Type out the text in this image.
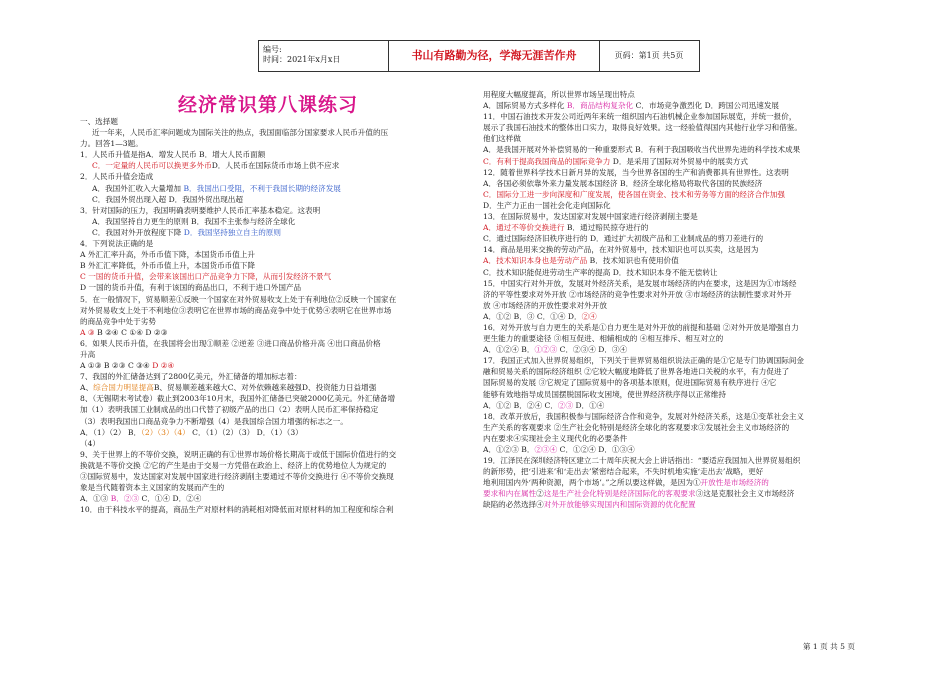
编号:
时间：2021年x月x日	书山有路勤为径，学海无涯苦作舟	页码：第1页 共5页
经济常识第八课练习

一、选择题

近一年来，人民币汇率问题成为国际关注的热点，我国面临部分国家要求人民币升值的压

力。回答1—3题。

1．人民币升值是指A．增发人民币 B．增大人民币面额

C．一定量的人民币可以换更多外币D．人民币在国际货币市场上供不应求

2．人民币升值会造成

A．我国外汇收入大量增加 B．我国出口受阻，不利于我国长期的经济发展

C．我国外贸出现入超 D．我国外贸出现出超

3．针对国际的压力，我国明确表明要维护人民币汇率基本稳定。这表明

A．我国坚持自力更生的原则 B．我国不主张参与经济全球化

C．我国对外开放程度下降 D．我国坚持独立自主的原则

4．下列说法正确的是

A 外汇汇率升高，外币币值下降，本国货币币值上升

B 外汇汇率降低，外币币值上升，本国货币币值下降

C 一国的货币升值，会带来该国出口产品竞争力下降，从而引发经济不景气

D 一国的货币升值，有利于该国的商品出口，不利于进口外国产品

5．在一般情况下，贸易顺差①反映一个国家在对外贸易收支上处于有利地位②反映一个国家在

对外贸易收支上处于不利地位③表明它在世界市场的商品竞争中处于优势④表明它在世界市场

的商品竞争中处于劣势

A ③ B ②④ C ①④ D ②③

6．如果人民币升值，在我国将会出现①顺差 ②逆差 ③进口商品价格升高 ④出口商品价格

升高

A ①③ B ②③ C ③④ D ②④

7、我国的外汇储备达到了2800亿美元，外汇储备的增加标志着：

A、综合国力明显提高B、贸易顺差越来越大C、对外依赖越来越强D、投资能力日益增强

8、（无锡期末考试卷）截止到2003年10月末，我国外汇储备已突破2000亿美元。外汇储备增

加（1）表明我国工业制成品的出口代替了初级产品的出口（2）表明人民币汇率保持稳定

（3）表明我国出口商品竞争力不断增强（4）是我国综合国力增强的标志之一。

A．（1）（2） B．（2）（3）（4） C．（1）（2）（3） D．（1）（3）

（4）

9、关于世界上的不等价交换，说明正确的有①世界市场价格长期高于或低于国际价值进行的交

换就是不等价交换 ②它的产生是由于交易一方凭借在政治上、经济上的优势地位人为规定的

③国际贸易中，发达国家对发展中国家进行经济剥削主要通过不等价交换进行 ④不等价交换现

象是当代随着资本主义国家的发展而产生的

A．①③ B．②③ C．①④ D．②④

10．由于科技水平的提高，商品生产对原材料的消耗相对降低而对原材料的加工程度和综合利

用程度大幅度提高，所以世界市场呈现出特点

A．国际贸易方式多样化 B．商品结构复杂化 C．市场竞争激烈化 D．跨国公司迅速发展

11．中国石油技术开发公司近两年来统一组织国内石油机械企业参加国际展览，并统一报价，

展示了我国石油技术的整体出口实力，取得良好效果。这一经验值得国内其他行业学习和借鉴。

他们这样做

A．是我国开展对外补偿贸易的一种重要形式 B．有利于我国吸收当代世界先进的科学技术成果

C．有利于提高我国商品的国际竞争力 D．是采用了国际对外贸易中的展卖方式

12．随着世界科学技术日新月异的发展，当今世界各国的生产和消费都具有世界性。这表明

A．各国必须依靠外来力量发展本国经济 B．经济全球化格局将取代各国的民族经济

C．国际分工进一步向深度和广度发展，使各国在资金、技术和劳务等方面的经济合作加强

D．生产力正由一国社会化走向国际化

13．在国际贸易中，发达国家对发展中国家进行经济剥削主要是

A．通过不等价交换进行 B．通过赔民掠夺进行的

C．通过国际经济旧秩序进行的 D．通过扩大初级产品和工业制成品的剪刀差进行的

14．商品是用来交换的劳动产品，在对外贸易中，技术知识也可以买卖，这是因为

A．技术知识本身也是劳动产品 B．技术知识也有使用价值

C．技术知识能促进劳动生产率的提高 D．技术知识本身不能无偿转让

15．中国实行对外开放，发展对外经济关系，是发展市场经济的内在要求，这是因为①市场经

济的平等性要求对外开放 ②市场经济的竞争性要求对外开放 ③市场经济的法制性要求对外开

放 ④市场经济的开放性要求对外开放

A．①② B．③ C．①④ D．②④

16．对外开放与自力更生的关系是①自力更生是对外开放的前提和基础 ②对外开放是增强自力

更生能力的重要途径 ③相互促进、相辅相成的 ④相互排斥、相互对立的

A．①②④ B．①②③ C．②③④ D．③④

17．我国正式加入世界贸易组织，下列关于世界贸易组织说法正确的是①它是专门协调国际间金

融和贸易关系的国际经济组织 ②它较大幅度地降低了世界各地进口关税的水平，有力促进了

国际贸易的发展 ③它规定了国际贸易中的各项基本原则，促进国际贸易有秩序进行 ④它

能够有效地指导成员国摆脱国际收支困境，使世界经济秩序得以正常维持

A．①② B．②④ C．②③ D．①④

18．改革开放后，我国积极参与国际经济合作和竞争，发展对外经济关系，这是①变革社会主义

生产关系的客观要求 ②生产社会化特别是经济全球化的客观要求③发展社会主义市场经济的

内在要求④实现社会主义现代化的必要条件

A．①②③ B．②③④ C．①②④ D．①③④

19．江泽民在深圳经济特区建立二十周年庆祝大会上讲话指出：“要适应我国加入世界贸易组织

的新形势，把‘引进来’和‘走出去’紧密结合起来，不失时机地实施‘走出去’战略，更好

地利用国内外‘两种资源，两个市场’。”之所以要这样做，是因为①开放性是市场经济的

要求和内在属性②这是生产社会化特别是经济国际化的客观要求③这是克服社会主义市场经济

缺陷的必然选择④对外开放能够实现国内和国际资源的优化配置

第 1 页 共 5 页
